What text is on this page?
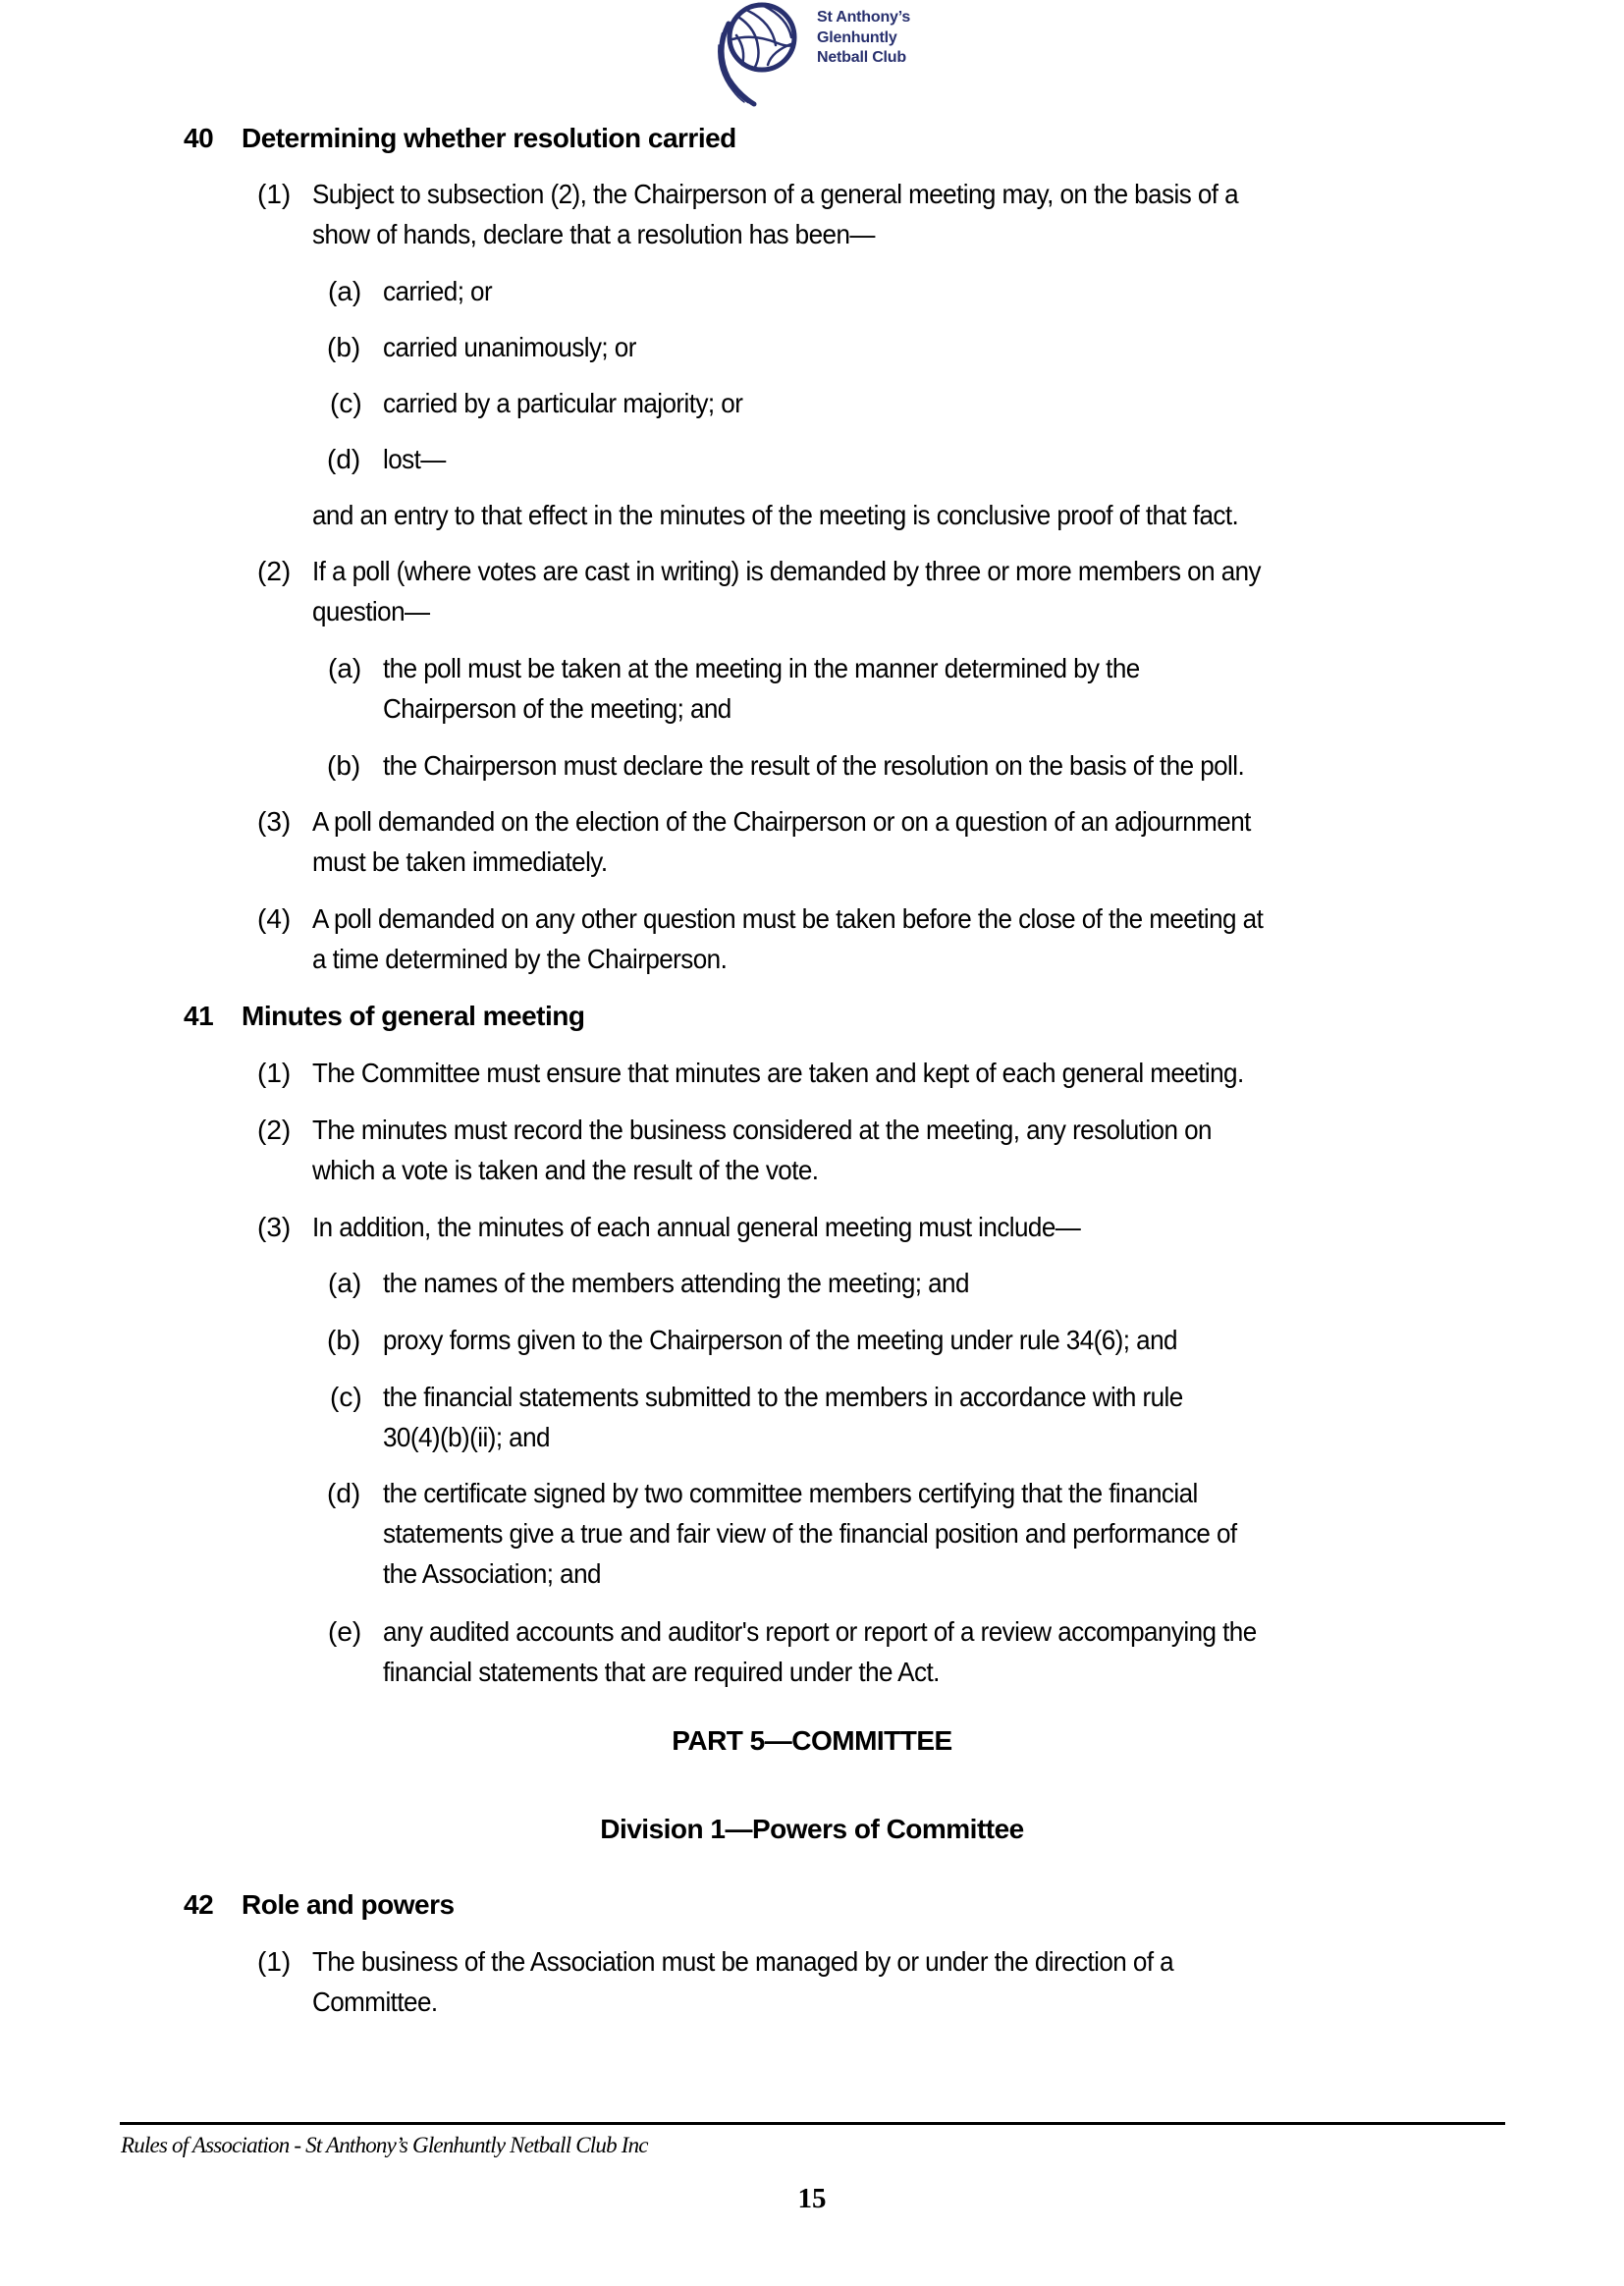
St Anthony’s
Glenhuntly
Netball Club
40 Determining whether resolution carried
(1) Subject to subsection (2), the Chairperson of a general meeting may, on the basis of a
show of hands, declare that a resolution has been—
(a) carried; or
(b) carried unanimously; or
(c) carried by a particular majority; or
(d) lost—
and an entry to that effect in the minutes of the meeting is conclusive proof of that fact.
(2) If a poll (where votes are cast in writing) is demanded by three or more members on any
question—
(a) the poll must be taken at the meeting in the manner determined by the
Chairperson of the meeting; and
(b) the Chairperson must declare the result of the resolution on the basis of the poll.
(3) A poll demanded on the election of the Chairperson or on a question of an adjournment
must be taken immediately.
(4) A poll demanded on any other question must be taken before the close of the meeting at
a time determined by the Chairperson.
41 Minutes of general meeting
(1) The Committee must ensure that minutes are taken and kept of each general meeting.
(2) The minutes must record the business considered at the meeting, any resolution on
which a vote is taken and the result of the vote.
(3) In addition, the minutes of each annual general meeting must include—
(a) the names of the members attending the meeting; and
(b) proxy forms given to the Chairperson of the meeting under rule 34(6); and
(c) the financial statements submitted to the members in accordance with rule
30(4)(b)(ii); and
(d) the certificate signed by two committee members certifying that the financial
statements give a true and fair view of the financial position and performance of
the Association; and
(e) any audited accounts and auditor's report or report of a review accompanying the
financial statements that are required under the Act.
PART 5—COMMITTEE
Division 1—Powers of Committee
42 Role and powers
(1) The business of the Association must be managed by or under the direction of a
Committee.
Rules of Association - St Anthony’s Glenhuntly Netball Club Inc
15
